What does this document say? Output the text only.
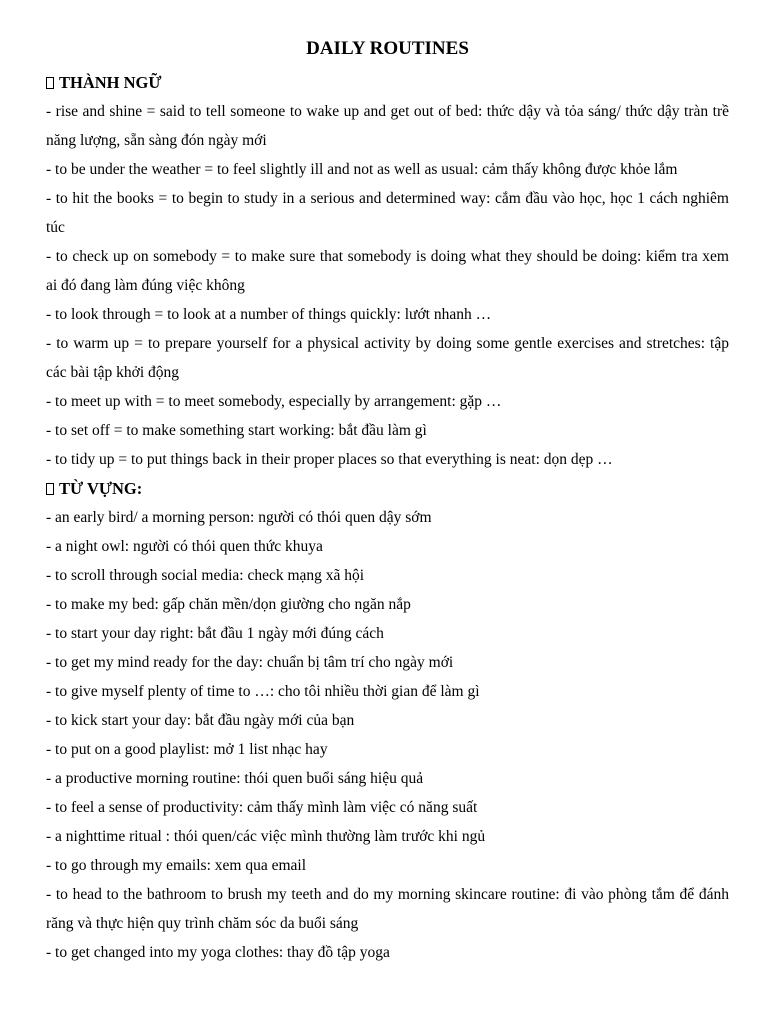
DAILY ROUTINES

THÀNH NGỮ

- rise and shine = said to tell someone to wake up and get out of bed: thức dậy và tỏa sáng/ thức dậy tràn trề năng lượng, sẵn sàng đón ngày mới

- to be under the weather = to feel slightly ill and not as well as usual: cảm thấy không được khỏe lắm

- to hit the books = to begin to study in a serious and determined way: cắm đầu vào học, học 1 cách nghiêm túc

- to check up on somebody = to make sure that somebody is doing what they should be doing: kiểm tra xem ai đó đang làm đúng việc không

- to look through = to look at a number of things quickly: lướt nhanh …

- to warm up = to prepare yourself for a physical activity by doing some gentle exercises and stretches: tập các bài tập khởi động

- to meet up with = to meet somebody, especially by arrangement: gặp …

- to set off = to make something start working: bắt đầu làm gì

- to tidy up = to put things back in their proper places so that everything is neat: dọn dẹp …

TỪ VỰNG:

- an early bird/ a morning person: người có thói quen dậy sớm

- a night owl: người có thói quen thức khuya

- to scroll through social media: check mạng xã hội

- to make my bed: gấp chăn mền/dọn giường cho ngăn nắp

- to start your day right: bắt đầu 1 ngày mới đúng cách

- to get my mind ready for the day: chuẩn bị tâm trí cho ngày mới

- to give myself plenty of time to …: cho tôi nhiều thời gian để làm gì

- to kick start your day: bắt đầu ngày mới của bạn

- to put on a good playlist: mở 1 list nhạc hay

- a productive morning routine: thói quen buổi sáng hiệu quả

- to feel a sense of productivity: cảm thấy mình làm việc có năng suất

- a nighttime ritual : thói quen/các việc mình thường làm trước khi ngủ

- to go through my emails: xem qua email

- to head to the bathroom to brush my teeth and do my morning skincare routine: đi vào phòng tắm để đánh răng và thực hiện quy trình chăm sóc da buổi sáng

- to get changed into my yoga clothes: thay đồ tập yoga
